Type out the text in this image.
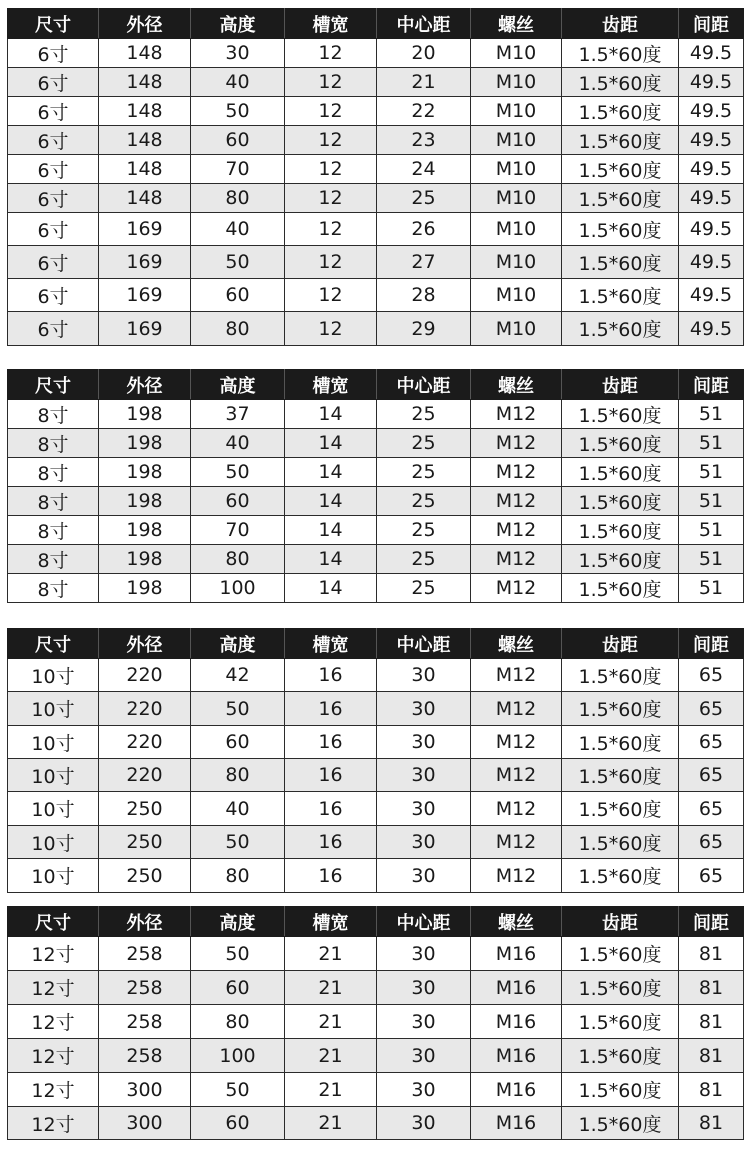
尺寸	外径	高度	槽宽	中心距	螺丝	齿距	间距
6寸	148	30	12	20	M10	1.5*60度	49.5
6寸	148	40	12	21	M10	1.5*60度	49.5
6寸	148	50	12	22	M10	1.5*60度	49.5
6寸	148	60	12	23	M10	1.5*60度	49.5
6寸	148	70	12	24	M10	1.5*60度	49.5
6寸	148	80	12	25	M10	1.5*60度	49.5
6寸	169	40	12	26	M10	1.5*60度	49.5
6寸	169	50	12	27	M10	1.5*60度	49.5
6寸	169	60	12	28	M10	1.5*60度	49.5
6寸	169	80	12	29	M10	1.5*60度	49.5
尺寸	外径	高度	槽宽	中心距	螺丝	齿距	间距
8寸	198	37	14	25	M12	1.5*60度	51
8寸	198	40	14	25	M12	1.5*60度	51
8寸	198	50	14	25	M12	1.5*60度	51
8寸	198	60	14	25	M12	1.5*60度	51
8寸	198	70	14	25	M12	1.5*60度	51
8寸	198	80	14	25	M12	1.5*60度	51
8寸	198	100	14	25	M12	1.5*60度	51
尺寸	外径	高度	槽宽	中心距	螺丝	齿距	间距
10寸	220	42	16	30	M12	1.5*60度	65
10寸	220	50	16	30	M12	1.5*60度	65
10寸	220	60	16	30	M12	1.5*60度	65
10寸	220	80	16	30	M12	1.5*60度	65
10寸	250	40	16	30	M12	1.5*60度	65
10寸	250	50	16	30	M12	1.5*60度	65
10寸	250	80	16	30	M12	1.5*60度	65
尺寸	外径	高度	槽宽	中心距	螺丝	齿距	间距
12寸	258	50	21	30	M16	1.5*60度	81
12寸	258	60	21	30	M16	1.5*60度	81
12寸	258	80	21	30	M16	1.5*60度	81
12寸	258	100	21	30	M16	1.5*60度	81
12寸	300	50	21	30	M16	1.5*60度	81
12寸	300	60	21	30	M16	1.5*60度	81
